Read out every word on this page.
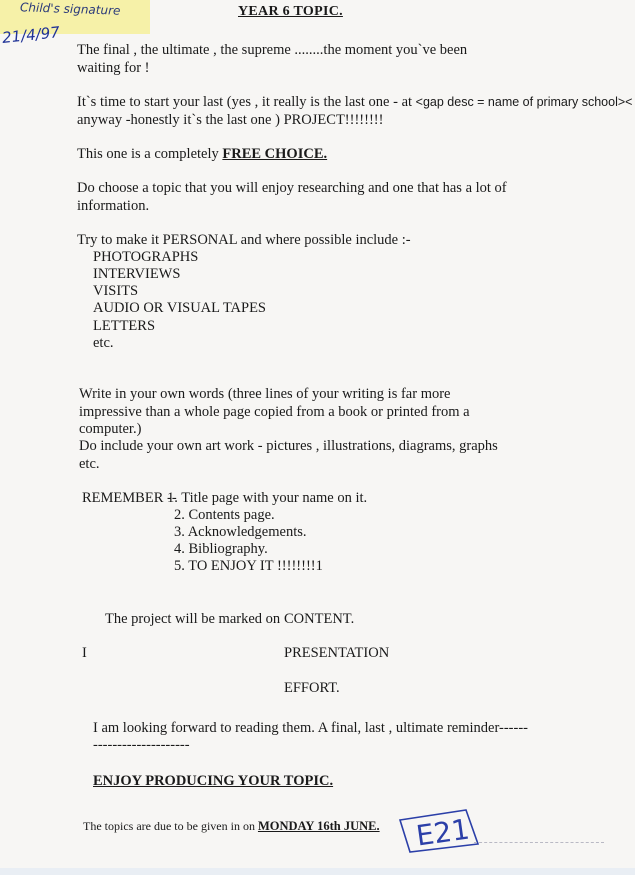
Child's signature
21/4/97
YEAR 6 TOPIC.
The final , the ultimate , the supreme ........the moment you`ve been
waiting for !
It`s time to start your last (yes , it really is the last one - at <gap desc = name of primary school><
anyway -honestly it`s the last one ) PROJECT!!!!!!!!
This one is a completely FREE CHOICE.
Do choose a topic that you will enjoy researching and one that has a lot of
information.
Try to make it PERSONAL and where possible include :-
PHOTOGRAPHS
INTERVIEWS
VISITS
AUDIO OR VISUAL TAPES
LETTERS
etc.
Write in your own words (three lines of your writing is far more
impressive than a whole page copied from a book or printed from a
computer.)
Do include your own art work - pictures , illustrations, diagrams, graphs
etc.
REMEMBER --
1. Title page with your name on it.
2. Contents page.
3. Acknowledgements.
4. Bibliography.
5. TO ENJOY IT !!!!!!!!1
The project will be marked on CONTENT.
I	PRESENTATION
EFFORT.
I am looking forward to reading them. A final, last , ultimate reminder------
--------------------
ENJOY PRODUCING YOUR TOPIC.
The topics are due to be given in on MONDAY 16th JUNE. E21
